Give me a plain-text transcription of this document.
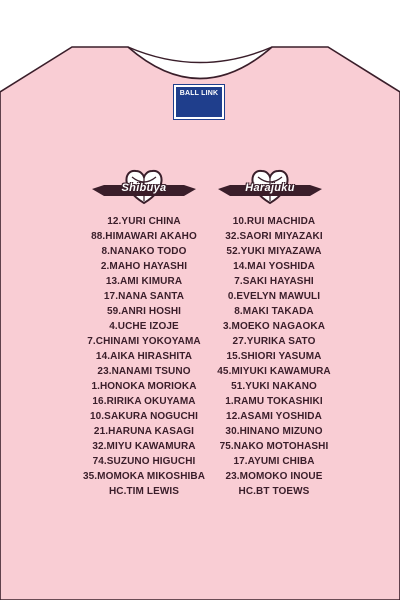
BALL LINK
Shibuya	Harajuku
12.YURI CHINA
88.HIMAWARI AKAHO
8.NANAKO TODO
2.MAHO HAYASHI
13.AMI KIMURA
17.NANA SANTA
59.ANRI HOSHI
4.UCHE IZOJE
7.CHINAMI YOKOYAMA
14.AIKA HIRASHITA
23.NANAMI TSUNO
1.HONOKA MORIOKA
16.RIRIKA OKUYAMA
10.SAKURA NOGUCHI
21.HARUNA KASAGI
32.MIYU KAWAMURA
74.SUZUNO HIGUCHI
35.MOMOKA MIKOSHIBA
HC.TIM LEWIS
10.RUI MACHIDA
32.SAORI MIYAZAKI
52.YUKI MIYAZAWA
14.MAI YOSHIDA
7.SAKI HAYASHI
0.EVELYN MAWULI
8.MAKI TAKADA
3.MOEKO NAGAOKA
27.YURIKA SATO
15.SHIORI YASUMA
45.MIYUKI KAWAMURA
51.YUKI NAKANO
1.RAMU TOKASHIKI
12.ASAMI YOSHIDA
30.HINANO MIZUNO
75.NAKO MOTOHASHI
17.AYUMI CHIBA
23.MOMOKO INOUE
HC.BT TOEWS
